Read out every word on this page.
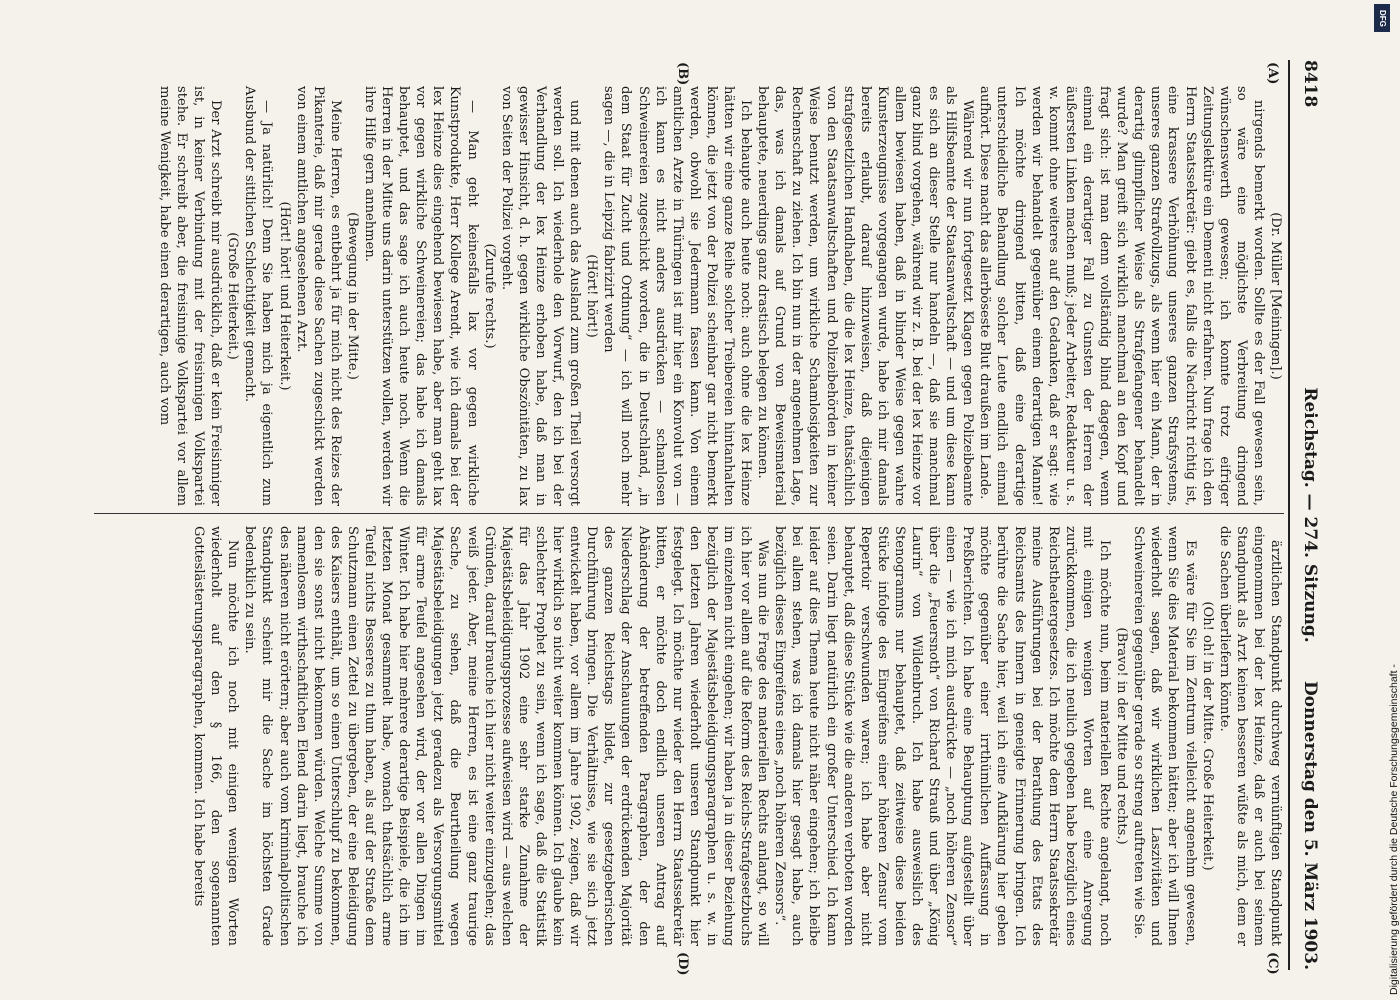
8418
Reichstag. — 274. Sitzung.
Donnerstag den 5. März 1903.
(A)
(B)
(C)
(D)

(Dr. Müller [Meiningen].)

nirgends bemerkt worden. Sollte es der Fall gewesen sein, so wäre eine möglichste Verbreitung dringend wünschenswerth gewesen; ich konnte trotz eifriger Zeitungslektüre ein Dementi nicht erfahren. Nun frage ich den Herrn Staatssekretär: giebt es, falls die Nachricht richtig ist, eine krassere Verhöhnung unseres ganzen Strafsystems, unseres ganzen Strafvollzugs, als wenn hier ein Mann, der in derartig glimpflicher Weise als Strafgefangener behandelt wurde? Man greift sich wirklich manchmal an den Kopf und fragt sich: ist man denn vollständig blind dagegen, wenn einmal ein derartiger Fall zu Gunsten der Herren der äußersten Linken machen muß; jeder Arbeiter, Redakteur u. s. w. kommt ohne weiteres auf den Gedanken, daß er sagt: wie werden wir behandelt gegenüber einem derartigen Manne! Ich möchte dringend bitten, daß eine derartige unterschiedliche Behandlung solcher Leute endlich einmal aufhört. Diese macht das allerböseste Blut draußen im Lande.

Während wir nun fortgesetzt Klagen gegen Polizeibeamte als Hilfsbeamte der Staatsanwaltschaft — und um diese kann es sich an dieser Stelle nur handeln —, daß sie manchmal ganz blind vorgehen, während wir z. B. bei der lex Heinze vor allem bewiesen haben, daß in blinder Weise gegen wahre Kunsterzeugnisse vorgegangen wurde, habe ich mir damals bereits erlaubt, darauf hinzuweisen, daß diejenigen strafgesetzlichen Handhaben, die die lex Heinze, thatsächlich von den Staatsanwaltschaften und Polizeibehörden in keiner Weise benutzt werden, um wirkliche Schamlosigkeiten zur Rechenschaft zu ziehen. Ich bin nun in der angenehmen Lage, das, was ich damals auf Grund von Beweismaterial behauptete, neuerdings ganz drastisch belegen zu können.

Ich behaupte auch heute noch: auch ohne die lex Heinze hätten wir eine ganze Reihe solcher Treibereien hintanhalten können, die jetzt von der Polizei scheinbar gar nicht bemerkt werden, obwohl sie Jedermann fassen kann. Von einem amtlichen Arzte in Thüringen ist mir hier ein Konvolut von — ich kann es nicht anders ausdrücken — schamlosen Schweinereien zugeschickt worden, die in Deutschland, „in dem Staat für Zucht und Ordnung“ — ich will noch mehr sagen —, die in Leipzig fabrizirt werden

(Hört! hört!)

und mit denen auch das Ausland zum großen Theil versorgt werden soll. Ich wiederhole den Vorwurf, den ich bei der Verhandlung der lex Heinze erhoben habe, daß man in gewisser Hinsicht, d. h. gegen wirkliche Obszönitäten, zu lax von Seiten der Polizei vorgeht.

(Zurufe rechts.)

— Man geht keinesfalls lax vor gegen wirkliche Kunstprodukte, Herr Kollege Arendt, wie ich damals bei der lex Heinze dies eingehend bewiesen habe, aber man geht lax vor gegen wirkliche Schweinereien; das habe ich damals behauptet, und das sage ich auch heute noch. Wenn die Herren in der Mitte uns darin unterstützen wollen, werden wir ihre Hilfe gern annehmen.

(Bewegung in der Mitte.)

Meine Herren, es entbehrt ja für mich nicht des Reizes der Pikanterie, daß mir gerade diese Sachen zugeschickt werden von einem amtlichen angesehenen Arzt.

(Hört! hört! und Heiterkeit.)

— Ja natürlich! Denn Sie haben mich ja eigentlich zum Ausbund der sittlichen Schlechtigkeit gemacht.

(Große Heiterkeit.)

Der Arzt schreibt mir ausdrücklich, daß er kein Freisinniger ist, in keiner Verbindung mit der freisinnigen Volkspartei stehe. Er schreibt aber, die freisinnige Volkspartei vor allem meine Wenigkeit, habe einen derartigen, auch vom

ärztlichen Standpunkt durchweg vernünftigen Standpunkt eingenommen bei der lex Heinze, daß er auch bei seinem Standpunkt als Arzt keinen besseren wüßte als mich, dem er die Sachen überliefern könnte.

(Oh! oh! in der Mitte. Große Heiterkeit.)

Es wäre für Sie im Zentrum vielleicht angenehm gewesen, wenn Sie dies Material bekommen hätten; aber ich will Ihnen wiederholt sagen, daß wir wirklichen Laszivitäten und Schweinereien gegenüber gerade so streng auftreten wie Sie.

(Bravo! in der Mitte und rechts.)

Ich möchte nun, beim materiellen Rechte angelangt, noch mit einigen wenigen Worten auf eine Anregung zurückkommen, die ich neulich gegeben habe bezüglich eines Reichstheatergesetzes. Ich möchte dem Herrn Staatssekretär meine Ausführungen bei der Berathung des Etats des Reichsamts des Innern in geneigte Erinnerung bringen. Ich berühre die Sache hier, weil ich eine Aufklärung hier geben möchte gegenüber einer irrthümlichen Auffassung in Preßberichten. Ich habe eine Behauptung aufgestellt über einen — wie ich mich ausdrückte — „noch höheren Zensor“ über die „Feuersnoth“ von Richard Strauß und über „König Laurin“ von Wildenbruch. Ich habe ausweislich des Stenogramms nur behauptet, daß zeitweise diese beiden Stücke infolge des Eingreifens einer höheren Zensur vom Repertoir verschwunden waren; ich habe aber nicht behauptet, daß diese Stücke wie die anderen verboten worden seien. Darin liegt natürlich ein großer Unterschied. Ich kann leider auf dies Thema heute nicht näher eingehen; ich bleibe bei allem stehen, was ich damals hier gesagt habe, auch bezüglich dieses Eingreifens eines „noch höheren Zensors“.

Was nun die Frage des materiellen Rechts anlangt, so will ich hier vor allem auf die Reform des Reichs-Strafgesetzbuchs im einzelnen nicht eingehen; wir haben ja in dieser Beziehung bezüglich der Majestätsbeleidigungsparagraphen u. s. w. in den letzten Jahren wiederholt unseren Standpunkt hier festgelegt. Ich möchte nur wieder den Herrn Staatssekretär bitten, er möchte doch endlich unseren Antrag auf Abänderung der betreffenden Paragraphen, der den Niederschlag der Anschauungen der erdrückenden Majorität des ganzen Reichstags bildet, zur gesetzgeberischen Durchführung bringen. Die Verhältnisse, wie sie sich jetzt entwickelt haben, vor allem im Jahre 1902, zeigen, daß wir hier wirklich so nicht weiter kommen können. Ich glaube kein schlechter Prophet zu sein, wenn ich sage, daß die Statistik für das Jahr 1902 eine sehr starke Zunahme der Majestätsbeleidigungsprozesse aufweisen wird — aus welchen Gründen, darauf brauche ich hier nicht weiter einzugehen; das weiß jeder. Aber, meine Herren, es ist eine ganz traurige Sache, zu sehen, daß die Beurtheilung wegen Majestätsbeleidigungen jetzt geradezu als Versorgungsmittel für arme Teufel angesehen wird, der vor allen Dingen im Winter. Ich habe hier mehrere derartige Beispiele, die ich im letzten Monat gesammelt habe, wonach thatsächlich arme Teufel nichts Besseres zu thun haben, als auf der Straße dem Schutzmann einen Zettel zu übergeben, der eine Beleidigung des Kaisers enthält, um so einen Unterschlupf zu bekommen, den sie sonst nicht bekommen würden. Welche Summe von namenlosem wirthschaftlichen Elend darin liegt, brauche ich des näheren nicht erörtern; aber auch vom kriminalpolitischen Standpunkt scheint mir die Sache im höchsten Grade bedenklich zu sein.

Nun möchte ich noch mit einigen wenigen Worten wiederholt auf den § 166, den sogenannten Gotteslästerungsparagraphen, kommen. Ich habe bereits	Digitalisierung gefördert durch die Deutsche Forschungsgemeinschaft -
DFG
